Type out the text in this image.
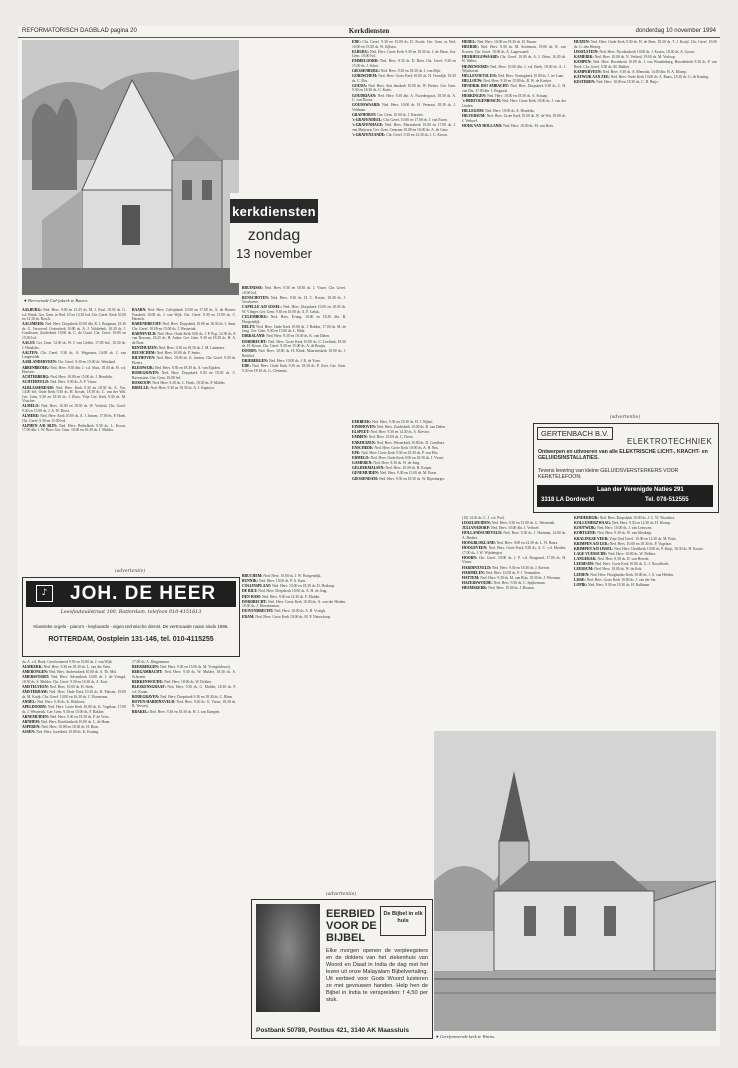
REFORMATORISCH DAGBLAD pagina 20	Kerkdiensten	donderdag 10 november 1994
● Hervormde Cal-fakerk te Baarn.
kerkdiensten
zondag
13 november

AALBURG: Ned. Herv. 9.00 en 15.45 ds. M. J. Paul, 18.30 ds. G. v.d. Brink. Ger. Gem. in Ned. 10 en 14.30 lvd. Chr. Geref. Kerk 10.00 en 14.30 ds. Bosch.

AALSMEER: Ned. Herv. Dorpskerk 10.00 dhr. R. J. Borgman, 18.30 ds. G. Verwoerd. Oosterkerk 10.00 ds. A. J. Voldiebek, 18.30 ds. J. Goudriaan. Zuiderkerk 10.00 ds. C. de Graaf. Chr. Geref. 10.00 en 15.30 lvd.

AALST: Ger. Gem. 14.30 ds. W. J. van Gelder, 17.00 lvd., 10.30 ds. J. Hendriks.

AALTEN: Chr. Geref. 9.30 ds. A. Wagenaar, 14.00 ds. J. van Langevelde.

AARLANDERVEEN: Chr. Geref. 9.30 en 15.00 ds. Westland.

ABBENBROEK: Ned. Herv. 9.30 dhr. J. v.d. Sluis, 18.30 ds. H. v.d. Hoeven.

ACHTERBERG: Ned. Herv. 10.00 en 15.00 ds. J. Hendriks.

ACHTERVELD: Ned. Herv. 9.00 ds. A. P. Visser.

ALBLASSERDAM: Ned. Herv. Kerk 9.30 en 18.30 ds. A. Vos, 14.00 lvd. Oude Kerk 9.30 ds. H. Koster, 18.30 ds. C. van der Wal. Ger. Gem. 9.30 en 18.30 ds. J. Roos, Vrije Ger. Kerk 9.30 ds. M. Visscher.

ALMELO: Ned. Herv. 10.00 en 18.30 ds. W. Verheul. Chr. Geref. 9.30 en 15.00 ds. J. A. W. Dorst.

ALMERE: Ned. Herv. Kerk 10.00 ds. A. J. Jansen, 17.00 ds. P. Hoek. Chr. Geref. 9.30 en 15.00 lvd.

ALPHEN A/D RIJN: Ned. Herv. Bethelkerk 9.30 ds. L. Kroon, 17.00 dhr. J. W. Boer. Ger. Gem. 10.00 en 16.30 ds. J. Mulder.

BAARN: Ned. Herv. Calvijnkerk 10.00 en 17.00 ds. A. de Reuver. Paaskerk 10.00 ds. J. van Wijk. Chr. Geref. 9.30 en 15.00 ds. C. Harinck.

BARENDRECHT: Ned. Herv. Dorpskerk 10.00 en 18.30 ds. J. Smit. Chr. Geref. 10.00 en 15.00 ds. J. Westerink.

BARNEVELD: Ned. Herv. Oude Kerk 9.00 ds. J. P. Pop, 14.30 ds. P. van Rossum, 18.45 ds. H. Anker. Ger. Gem. 9.30 en 18.30 ds. H. A. de Boer.

BENTHUIZEN: Ned. Herv. 9.30 en 18.30 ds. J. M. Lammers.

BEUSICHEM: Ned. Herv. 10.00 ds. P. Smits.

BILTHOVEN: Ned. Herv. 10.00 ds. K. Jansen. Chr. Geref. 9.30 ds. Pieters.

BLEISWIJK: Ned. Herv. 9.30 en 18.30 ds. A. van Eijsden.

BODEGRAVEN: Ned. Herv. Dorpskerk 9.30 en 18.30 ds. C. Ravenstein. Ger. Gem. 10.00 lvd.

BOSKOOP: Ned. Herv. 9.30 ds. C. Hoek, 18.30 ds. P. Mulder.

BRIELLE: Ned. Herv. 9.30 en 18.30 ds. A. J. Kapteyn.

BRUINISSE: Ned. Herv. 9.30 en 18.30 ds. J. Visser. Chr. Geref. 10.00 lvd.

BUNSCHOTEN: Ned. Herv. 9.30 ds. H. C. Koster, 18.30 ds. J. Voorhoeve.

CAPELLE A/D IJSSEL: Ned. Herv. Dorpskerk 10.00 en 18.30 ds. W. Vlieger. Ger. Gem. 9.30 en 16.00 ds. A. F. Geluk.

CULEMBORG: Ned. Herv. Evang. 10.00 en 18.30 dhr. B. Hoogendijk.

DELFT: Ned. Herv. Oude Kerk 10.00 ds. J. Bakker, 17.00 ds. M. de Jong. Ger. Gem. 9.30 en 15.00 ds. L. Blok.

DIRKSLAND: Ned. Herv. 9.30 en 18.30 ds. K. van Dalen.

DORDRECHT: Ned. Herv. Grote Kerk 10.00 ds. C. Leeftink, 18.30 ds. H. Kroon. Chr. Geref. 9.30 en 15.00 ds. A. de Bruijn.

DOORN: Ned. Herv. 10.00 ds. H. Klink. Maartenskerk 10.00 ds. J. Berkhof.

DRIEBERGEN: Ned. Herv. 10.00 ds. J. R. de Vries.

EDE: Ned. Herv. Oude Kerk 9.30 en 18.30 ds. P. Zoet. Ger. Gem. 9.30 en 18.30 ds. G. Clements.

EDE: Chr. Geref. 9.30 en 15.00 ds. D. Koole. Ger. Gem. in Ned. 10.00 en 15.00 ds. W. Zijlstra.

ELBURG: Ned. Herv. Grote Kerk 9.30 en 18.30 ds. J. de Haan. Ger. Gem. 10.00 lvd.

EMMELOORD: Ned. Herv. 9.30 ds. D. Boer. Chr. Geref. 9.30 en 15.00 ds. J. Schot.

GIESSENBURG: Ned. Herv. 9.30 en 18.30 ds. J. van Dijk.

GORINCHEM: Ned. Herv. Grote Kerk 10.00 ds. H. Oostdijk, 18.30 ds. C. Bos.

GOUDA: Ned. Herv. Sint Janskerk 10.00 ds. W. Pieters. Ger. Gem. 9.30 en 18.30 ds. G. Kater.

GOUDRIAAN: Ned. Herv. 9.30 dhr. A. Noordergraaf, 18.30 ds. A. C. van Doorn.

GOUDSWAARD: Ned. Herv. 10.00 ds. H. Vermaat, 18.30 ds. J. Veldman.

GRAFHORST: Ger. Gem. 10.00 ds. J. Kersten.

's-GRAVENDEEL: Chr. Geref. 10.00 en 17.00 ds. J. van Essen.

's-GRAVENHAGE: Ned. Herv. Marnixkerk 10.00 en 17.00 ds. J. van Meijeren. Ger. Gem. Centrum 10.00 en 16.00 ds. A. de Geus.

's-GRAVENZANDE: Chr. Geref. 9.30 en 14.30 ds. J. C. Kroon.

HEDEL: Ned. Herv. 10.00 en 18.30 ds. H. Paauw.

HEERDE: Ned. Herv. 9.30 ds. M. Soeteman, 19.00 ds. R. van Kooten. Chr. Geref. 10.00 ds. A. Lagerwaard.

HEERHUGOWAARD: Chr. Geref. 10.00 ds. A. J. Otten, 16.30 ds. H. Walter.

HEINENOORD: Ned. Herv. 10.00 dhr. J. v.d. Beek, 18.30 ds. A. J. Wijnhoven.

HELLEVOETSLUIS: Ned. Herv. Vestingkerk 10.00 ds. J. ter Laan.

HELLOUW: Ned. Herv. 9.30 en 15.00 ds. B. W. de Koeijer.

HENDRIK IDO AMBACHT: Ned. Herv. Dorpskerk 9.30 ds. C. H. van Dis, 17.00 dhr. J. Bogaard.

HERKINGEN: Ned. Herv. 10.00 en 18.30 ds. A. Schaap.

's-HERTOGENBOSCH: Ned. Herv. Grote Kerk 10.00 ds. J. van der Linden.

HILLEGOM: Ned. Herv. 10.00 ds. E. Hendriks.

HILVERSUM: Ned. Herv. Grote Kerk 10.00 ds. W. de Wit, 19.00 ds. J. Verhoef.

HOEK VAN HOLLAND: Ned. Herv. 10.00 ds. M. van Rees.

HUIZEN: Ned. Herv. Oude Kerk 9.30 ds. H. de Boer, 18.30 ds. T. J. Kruijf. Chr. Geref. 10.00 ds. G. den Hertog.

IJSSELSTEIN: Ned. Herv. Nicolaaskerk 10.00 ds. J. Koster, 18.30 ds. A. Groen.

KAMERIK: Ned. Herv. 10.00 ds. N. Verheul, 19.00 ds. M. Verloop.

KAMPEN: Ned. Herv. Bovenkerk 10.00 ds. J. van Woudenberg, Broederkerk 9.30 ds. P. van Beek. Chr. Geref. 9.30 ds. M. Bakker.

KAMPERVEEN: Ned. Herv. 9.30 ds. A. Mensink, 14.00 dhr. H. A. Klomp.

KATWIJK AAN ZEE: Ned. Herv. Oude Kerk 10.00 ds. A. Baars, 18.30 ds. G. de Koning.

KESTEREN: Ned. Herv. 10.00 en 18.30 ds. C. H. Buijs.

(advertentie)
♪ JOH. DE HEER
Leesfauteuilstraat 100, Rotterdam, telefoon 010-4151613
Klassieke orgels - piano's - keyboards - eigen technische dienst. De vertrouwde naam sinds 1896.
ROTTERDAM, Oostplein 131-146, tel. 010-4115255
(advertentie)
GERTENBACH B.V.
ELEKTROTECHNIEK
Ontwerpen en uitvoeren van alle ELEKTRISCHE LICHT-, KRACHT- en GELUIDSINSTALLATIES.
Tevens levering van kleine GELUIDSVERSTERKERS VOOR KERKTELEFOON.
Laan der Verenigde Naties 291
3318 LA Dordrecht	Tel. 078-512555

da. A. v.d. Beek. Gereformeerd 9.30 en 16.00 ds. J. van Wijk.

ALMKERK: Ned. Herv. 9.30 en 18.30 ds. L. van der Veen.

AMERONGEN: Ned. Herv. Andreaskerk 10.00 ds. A. Th. Mol.

AMERSFOORT: Ned. Herv. Adventkerk 10.00 ds. J. de Vreugd, 18.30 ds. S. Mulder. Chr. Geref. 9.30 en 16.30 ds. A. Kort.

AMSTELVEEN: Ned. Herv. 10.00 ds. H. Sterk.

AMSTERDAM: Ned. Herv. Oude Kerk 10.30 ds. B. Plaisier, 19.00 ds. M. Kuijk. Chr. Geref. 10.00 en 16.30 ds. C. Boomsma.

ANDEL: Ned. Herv. 9.30 ds. K. Bokhorst.

APELDOORN: Ned. Herv. Grote Kerk 10.00 ds. K. Vogelaar, 17.00 ds. J. Westerink. Ger. Gem. 9.30 en 15.00 ds. F. Bakker.

ARNEMUIDEN: Ned. Herv. 9.30 en 18.30 ds. P. de Vries.

ARNHEM: Ned. Herv. Eusebiuskerk 10.00 ds. L. de Haan.

ASPEREN: Ned. Herv. 10.00 en 18.30 ds. H. Born.

ASSEN: Ned. Herv. Jozefkerk 10.00 ds. K. Koning.

17.00 ds. A. Dingemanse.

BEEKBERGEN: Ned. Herv. 9.30 en 15.00 ds. M. Vroegindeweij.

BERGAMBACHT: Ned. Herv. 9.30 ds. W. Mulder, 18.30 ds. A. Schroten.

BERKENWOUDE: Ned. Herv. 10.00 ds. W. Dekker.

BLESKENSGRAAF: Ned. Herv. 9.30 ds. G. Mulder, 18.30 ds. P. v.d. Kraan.

BODEGRAVEN: Ned. Herv. Dorpskerk 9.30 en 18.30 ds. C. Blom.

BOVEN-HARDINXVELD: Ned. Herv. 9.30 ds. G. Visser, 18.30 ds. R. Verweij.

BRAKEL: Ned. Herv. 9.30 en 18.30 ds. H. J. van Kampen.

BRUCHEM: Ned. Herv. 10.00 ds. J. W. Hoogendijk.

BUNNIK: Ned. Herv. 10.00 ds. P. A. Kant.

COLIJNSPLAAT: Ned. Herv. 10.00 en 18.30 ds. D. Heikoop.

DE BILT: Ned. Herv. Dorpskerk 10.00 ds. A. H. de Jong.

DEN HAM: Ned. Herv. 9.30 en 14.30 ds. F. Mulder.

DORDRECHT: Ned. Herv. Grote Kerk 10.00 ds. A. van der Heiden, 18.30 ds. J. Kloosterman.

DUIVENDRECHT: Ned. Herv. 10.00 ds. A. B. Vroegh.

EDAM: Ned. Herv. Grote Kerk 10.00 ds. M. P. Nieuwkoop.

EERBEEK: Ned. Herv. 9.30 en 18.30 ds. H. J. Nijhof.

EINDHOVEN: Ned. Herv. Zuiderkerk 10.00 ds. R. van Dalen.

ELSPEET: Ned. Herv. 9.30 en 14.30 ds. A. Kieviet.

EMMEN: Ned. Herv. 10.00 ds. C. Drost.

ENKHUIZEN: Ned. Herv. Westerkerk 10.00 ds. D. Goedhart.

ENSCHEDE: Ned. Herv. Grote Kerk 10.00 ds. A. H. Bos.

EPE: Ned. Herv. Grote Kerk 9.30 en 18.30 ds. P. van Elst.

ERMELO: Ned. Herv. Oude Kerk 9.00 en 18.30 ds. J. Visser.

GAMEREN: Ned. Herv. 9.30 ds. W. de Jong.

GELDERMALSEN: Ned. Herv. 10.00 ds. H. Kuiper.

GENEMUIDEN: Ned. Herv. 9.30 en 15.00 ds. M. Boon.

GIESSENDAM: Ned. Herv. 9.30 en 18.30 ds. W. Rijnsburger.

(10) 14.30 ds. C. J. v.d. Poel.

IJSSELMUIDEN: Ned. Herv. 9.30 en 15.00 ds. G. Westerink.

JULIANADORP: Ned. Herv. 10.00 dhr. J. Verhoef.

HOLLANDSCHEVELD: Ned. Herv. 9.30 ds. J. Hartman, 14.00 ds. A. Beuker.

HOOGBLOKLAND: Ned. Herv. 9.00 en 14.30 ds. L. W. Baars.

HOOGEVEEN: Ned. Herv. Grote Kerk 9.30 ds. A. C. v.d. Meulen, 17.00 ds. J. W. Wijnbergen.

HOORN: Chr. Geref. 10.00 ds. J. P. v.d. Boogaard, 17.00 ds. H. Visser.

HARDINXVELD: Ned. Herv. 9.30 en 18.30 ds. J. Kieviet.

HARMELEN: Ned. Herv. 10.00 ds. P. J. Vermeulen.

HATTEM: Ned. Herv. 9.30 ds. M. van Rijn, 18.30 ds. J. Wiersma.

HAZERSWOUDE: Ned. Herv. 9.30 ds. C. Spijkerman.

HEEMSKERK: Ned. Herv. 10.00 ds. J. Bouma.

KINDERDIJK: Ned. Herv. Dorpskerk 10.00 ds. J. C. W. Woudstra.

KOLLUMERZWAAG: Ned. Herv. 9.30 en 14.30 ds. H. Klomp.

KOOTWIJK: Ned. Herv. 10.00 ds. J. van Leeuwen.

KORTGENE: Ned. Herv. 9.30 ds. W. van Sliedregt.

KRALINGSE VEER: Vrije Oud Geref. 10.00 en 14.30 ds. M. Pruis.

KRIMPEN A/D LEK: Ned. Herv. 10.00 en 18.30 ds. P. Vogelaar.

KRIMPEN A/D IJSSEL: Ned. Herv. IJsselkerk 10.00 ds. P. Kuijt, 18.30 ds. H. Koster.

LAGE VUURSCHE: Ned. Herv. 10.00 ds. W. Dekker.

LANGERAK: Ned. Herv. 9.30 ds. D. van Heerde.

LEERDAM: Ned. Herv. Grote Kerk 10.00 ds. G. J. Noordhoek.

LEERSUM: Ned. Herv. 10.00 ds. W. de Kok.

LEIDEN: Ned. Herv. Hooglandse Kerk 10.00 ds. J. A. van Helden.

LISSE: Ned. Herv. Grote Kerk 10.00 ds. J. van der Sar.

LOPIK: Ned. Herv. 9.30 en 18.30 ds. H. Kalkman.

(advertentie)
EERBIED
VOOR DE
BIJBEL
De Bijbel in elk huis
Elke morgen openen de verpleegsters en de dokters van het ziekenhuis van Woord en Daad in India de dag met het lezen uit onze Malayalam Bijbelvertaling. Uit eerbied voor Gods Woord luisteren ze met gevouwen handen. Help hen de Bijbel in India te verspreiden: f 4,50 per stuk.
Postbank 50789, Postbus 421, 3140 AK Maassluis
● Gereformeerde kerk te Warns.
